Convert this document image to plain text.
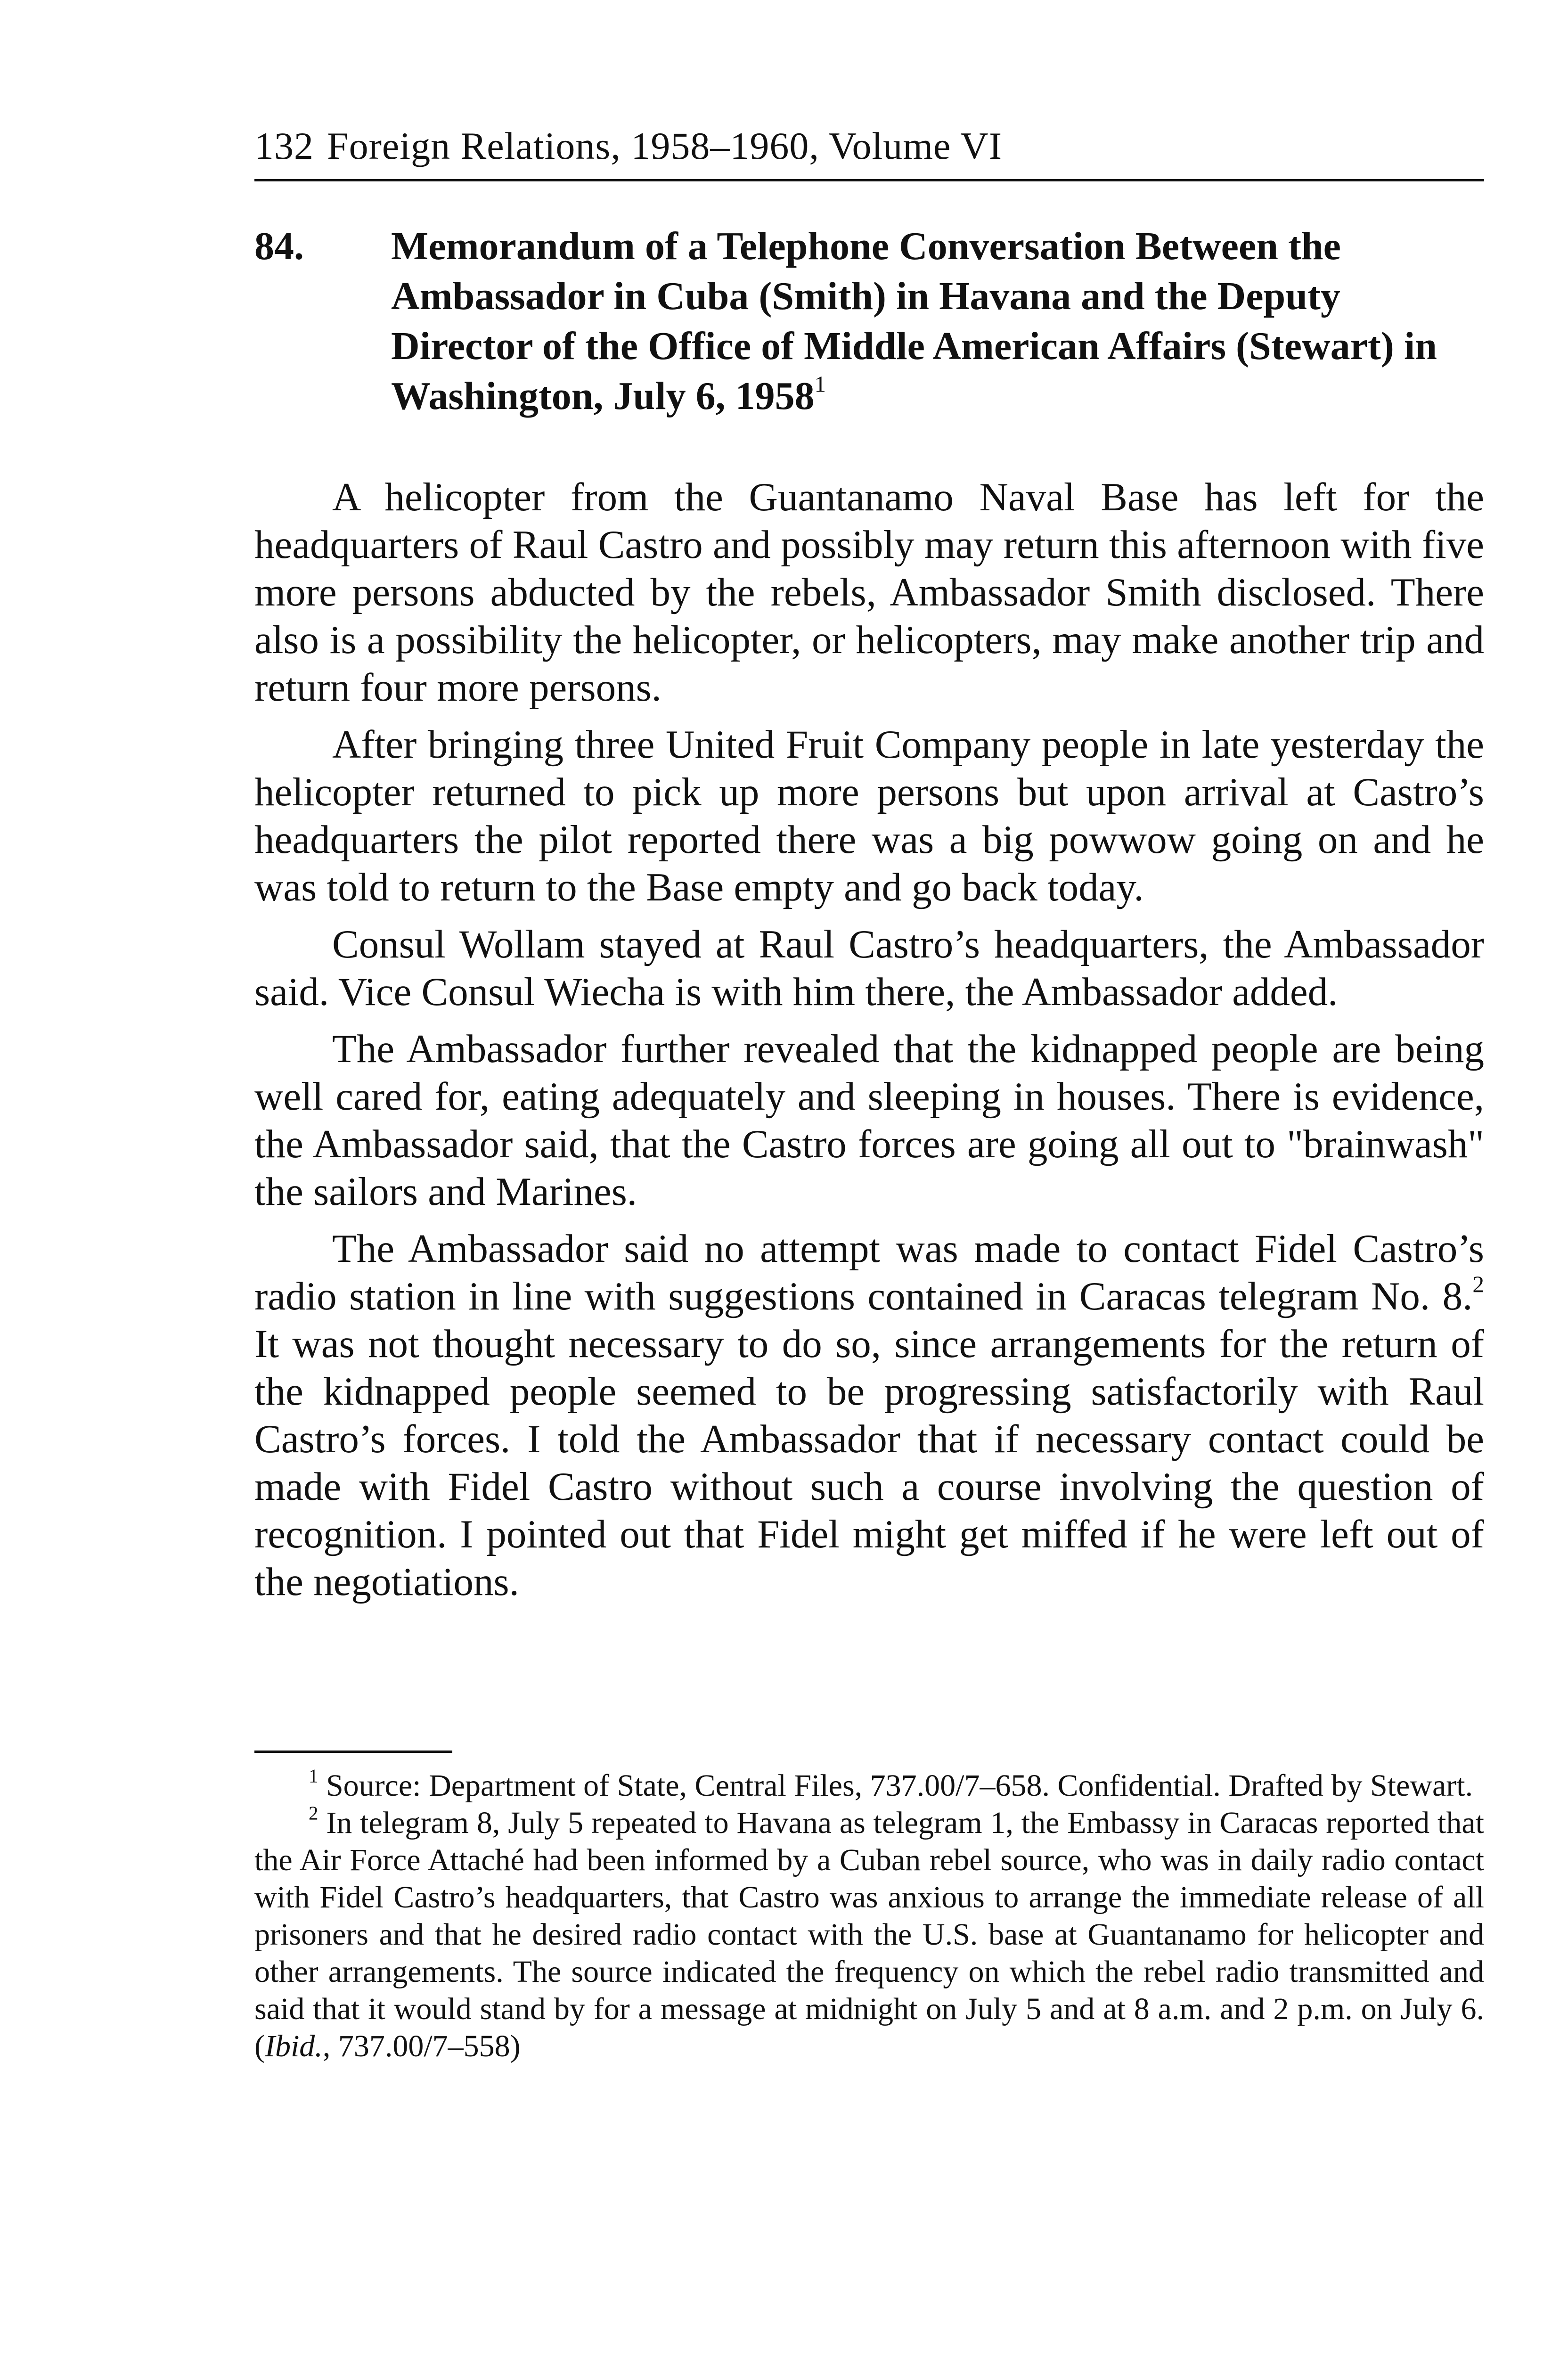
132 Foreign Relations, 1958–1960, Volume VI
84. Memorandum of a Telephone Conversation Between the Ambassador in Cuba (Smith) in Havana and the Deputy Director of the Office of Middle American Affairs (Stewart) in Washington, July 6, 1958$^1$

A helicopter from the Guantanamo Naval Base has left for the headquarters of Raul Castro and possibly may return this afternoon with five more persons abducted by the rebels, Ambassador Smith disclosed. There also is a possibility the helicopter, or helicopters, may make another trip and return four more persons.

After bringing three United Fruit Company people in late yesterday the helicopter returned to pick up more persons but upon arrival at Castro’s headquarters the pilot reported there was a big powwow going on and he was told to return to the Base empty and go back today.

Consul Wollam stayed at Raul Castro’s headquarters, the Ambassador said. Vice Consul Wiecha is with him there, the Ambassador added.

The Ambassador further revealed that the kidnapped people are being well cared for, eating adequately and sleeping in houses. There is evidence, the Ambassador said, that the Castro forces are going all out to "brainwash" the sailors and Marines.

The Ambassador said no attempt was made to contact Fidel Castro’s radio station in line with suggestions contained in Caracas telegram No. 8.$^2$ It was not thought necessary to do so, since arrangements for the return of the kidnapped people seemed to be progressing satisfactorily with Raul Castro’s forces. I told the Ambassador that if necessary contact could be made with Fidel Castro without such a course involving the question of recognition. I pointed out that Fidel might get miffed if he were left out of the negotiations.

$^1$ Source: Department of State, Central Files, 737.00/7–658. Confidential. Drafted by Stewart.

$^2$ In telegram 8, July 5 repeated to Havana as telegram 1, the Embassy in Caracas reported that the Air Force Attaché had been informed by a Cuban rebel source, who was in daily radio contact with Fidel Castro’s headquarters, that Castro was anxious to arrange the immediate release of all prisoners and that he desired radio contact with the U.S. base at Guantanamo for helicopter and other arrangements. The source indicated the frequency on which the rebel radio transmitted and said that it would stand by for a message at midnight on July 5 and at 8 a.m. and 2 p.m. on July 6. (Ibid., 737.00/7–558)
